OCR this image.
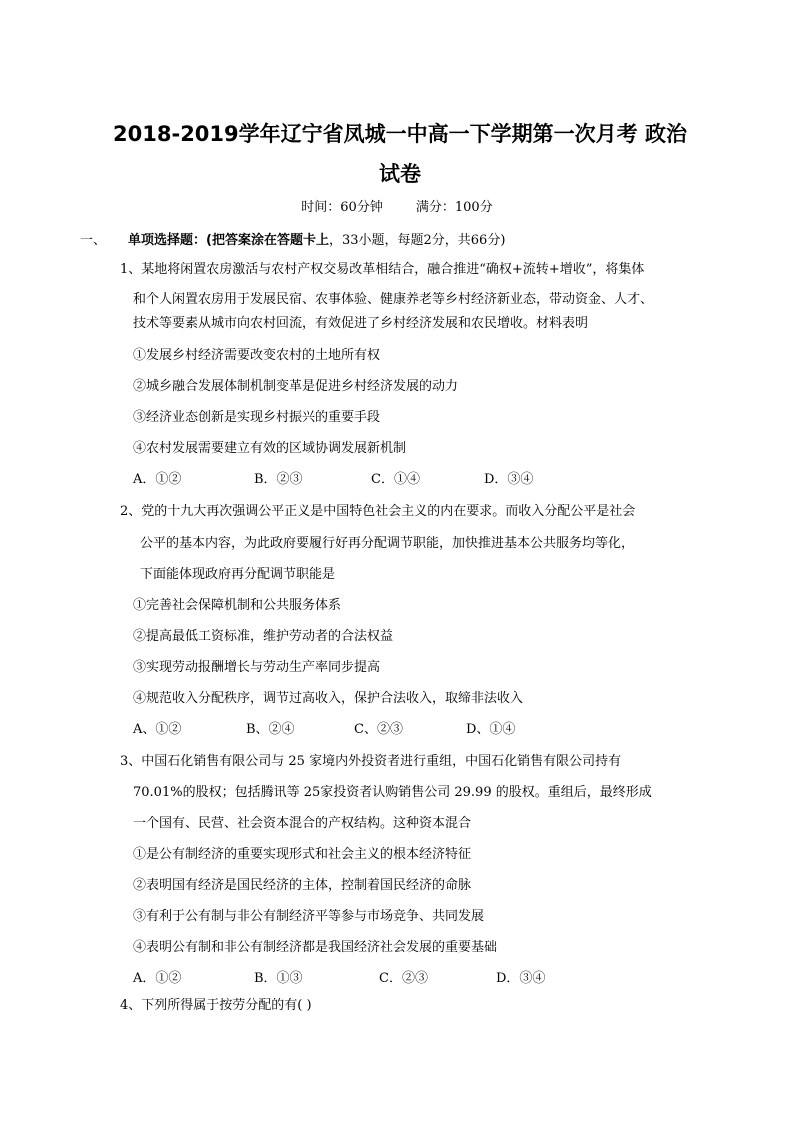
2018-2019学年辽宁省凤城一中高一下学期第一次月考 政治
试卷
时间：60分钟	满分：100分
一、 单项选择题：(把答案涂在答题卡上，33小题，每题2分，共66分)
1、某地将闲置农房激活与农村产权交易改革相结合，融合推进“确权+流转+增收”，将集体
和个人闲置农房用于发展民宿、农事体验、健康养老等乡村经济新业态，带动资金、人才、
技术等要素从城市向农村回流，有效促进了乡村经济发展和农民增收。材料表明
①发展乡村经济需要改变农村的土地所有权
②城乡融合发展体制机制变革是促进乡村经济发展的动力
③经济业态创新是实现乡村振兴的重要手段
④农村发展需要建立有效的区域协调发展新机制
A．①②	B．②③	C．①④	D．③④
2、党的十九大再次强调公平正义是中国特色社会主义的内在要求。而收入分配公平是社会
公平的基本内容，为此政府要履行好再分配调节职能，加快推进基本公共服务均等化，
下面能体现政府再分配调节职能是
①完善社会保障机制和公共服务体系
②提高最低工资标准，维护劳动者的合法权益
③实现劳动报酬增长与劳动生产率同步提高
④规范收入分配秩序，调节过高收入，保护合法收入，取缔非法收入
A、①②	B、②④	C、②③	D、①④
3、中国石化销售有限公司与 25 家境内外投资者进行重组，中国石化销售有限公司持有
70.01%的股权；包括腾讯等 25家投资者认购销售公司 29.99 的股权。重组后，最终形成
一个国有、民营、社会资本混合的产权结构。这种资本混合
①是公有制经济的重要实现形式和社会主义的根本经济特征
②表明国有经济是国民经济的主体，控制着国民经济的命脉
③有利于公有制与非公有制经济平等参与市场竞争、共同发展
④表明公有制和非公有制经济都是我国经济社会发展的重要基础
A．①②	B．①③	C．②③	D．③④
4、下列所得属于按劳分配的有( )
